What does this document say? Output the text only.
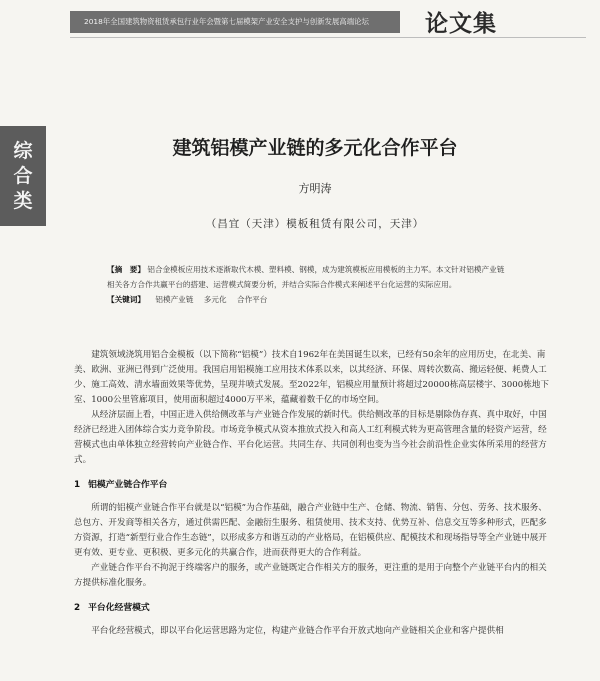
2018年全国建筑物资租赁承包行业年会暨第七届模架产业安全支护与创新发展高端论坛	论文集
综
合
类
建筑铝模产业链的多元化合作平台
方明涛
（昌宜（天津）模板租赁有限公司，天津）

【摘　要】 铝合金模板应用技术逐渐取代木模、塑料模、钢模，成为建筑模板应用模板的主力军。本文针对铝模产业链相关各方合作共赢平台的搭建、运营模式简要分析，并结合实际合作模式来阐述平台化运营的实际应用。

【关键词】 铝模产业链 多元化 合作平台

建筑领域浇筑用铝合金模板（以下简称“铝模”）技术自1962年在美国诞生以来，已经有50余年的应用历史，在北美、南美、欧洲、亚洲已得到广泛使用。我国启用铝模施工应用技术体系以来，以其经济、环保、周转次数高、搬运轻便、耗费人工少、施工高效、清水墙面效果等优势，呈现井喷式发展。至2022年，铝模应用量预计将超过20000栋高层楼宇、3000栋地下室、1000公里管廊项目，使用面积超过4000万平米，蕴藏着数千亿的市场空间。

从经济层面上看，中国正进入供给侧改革与产业链合作发展的新时代。供给侧改革的目标是剔除伪存真、真中取好，中国经济已经进入团体综合实力竞争阶段。市场竞争模式从资本推放式投入和高人工红利模式转为更高管理含量的轻资产运营，经营模式也由单体独立经营转向产业链合作、平台化运营。共同生存、共同创利也变为当今社会前沿性企业实体所采用的经营方式。

1 铝模产业链合作平台

所谓的铝模产业链合作平台就是以“铝模”为合作基础，融合产业链中生产、仓储、物流、销售、分包、劳务、技术服务、总包方、开发商等相关各方，通过供需匹配、金融衍生服务、租赁使用、技术支持、优势互补、信息交互等多种形式，匹配多方资源，打造“新型行业合作生态链”，以形成多方和谐互动的产业格局，在铝模供应、配模技术和现场指导等全产业链中展开更有效、更专业、更积极、更多元化的共赢合作，进而获得更大的合作利益。

产业链合作平台不拘泥于终端客户的服务，或产业链既定合作相关方的服务，更注重的是用于向整个产业链平台内的相关方提供标准化服务。

2 平台化经营模式

平台化经营模式，即以平台化运营思路为定位，构建产业链合作平台开放式地向产业链相关企业和客户提供相
